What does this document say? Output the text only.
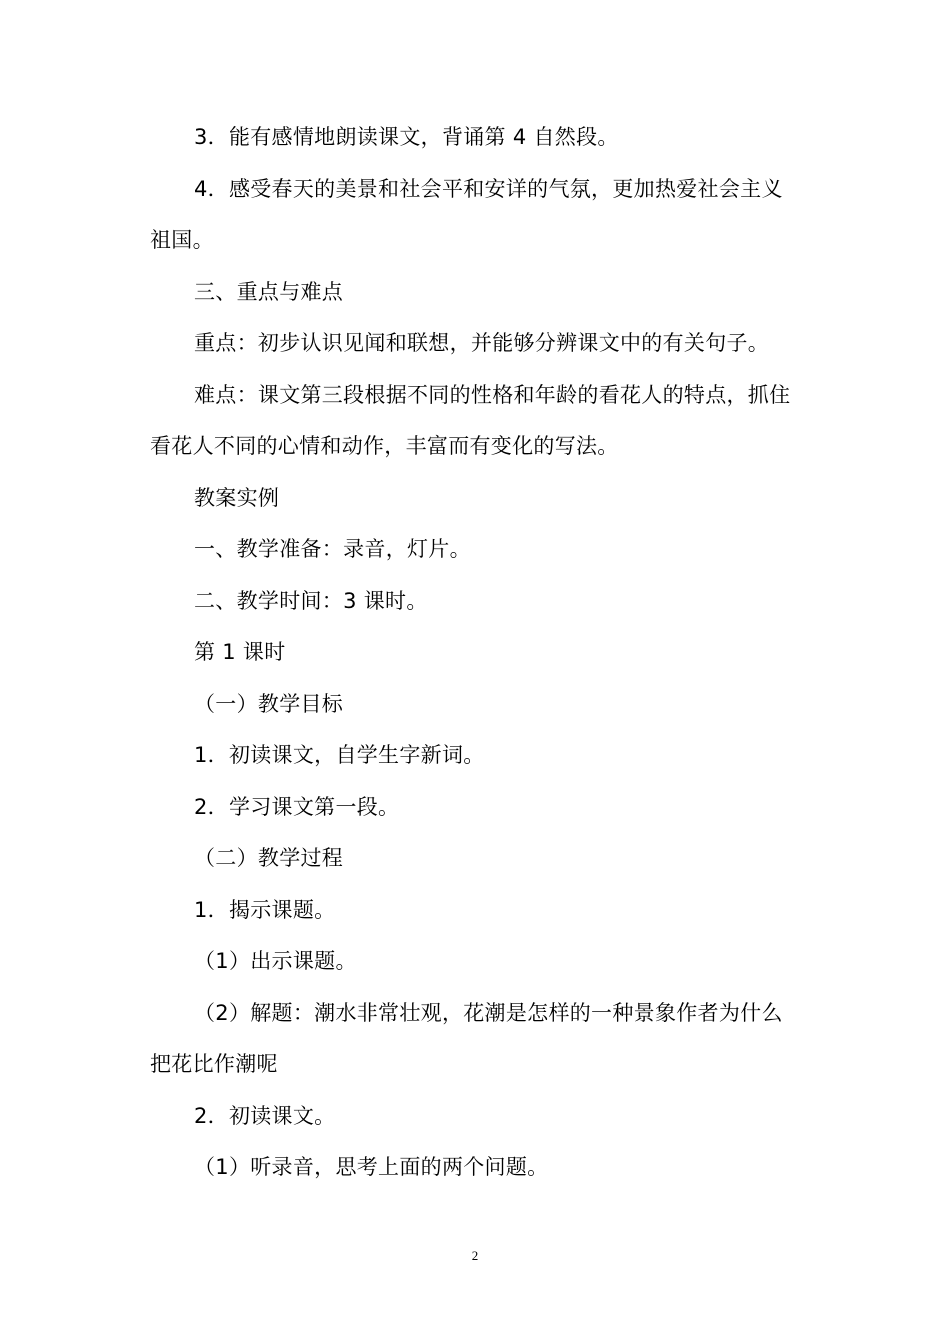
3．能有感情地朗读课文，背诵第 4 自然段。

4．感受春天的美景和社会平和安详的气氛，更加热爱社会主义祖国。

三、重点与难点

重点：初步认识见闻和联想，并能够分辨课文中的有关句子。

难点：课文第三段根据不同的性格和年龄的看花人的特点，抓住看花人不同的心情和动作，丰富而有变化的写法。

教案实例

一、教学准备：录音，灯片。

二、教学时间：3 课时。

第 1 课时

（一）教学目标

1．初读课文，自学生字新词。

2．学习课文第一段。

（二）教学过程

1．揭示课题。

（1）出示课题。

（2）解题：潮水非常壮观，花潮是怎样的一种景象作者为什么把花比作潮呢

2．初读课文。

（1）听录音，思考上面的两个问题。

2
